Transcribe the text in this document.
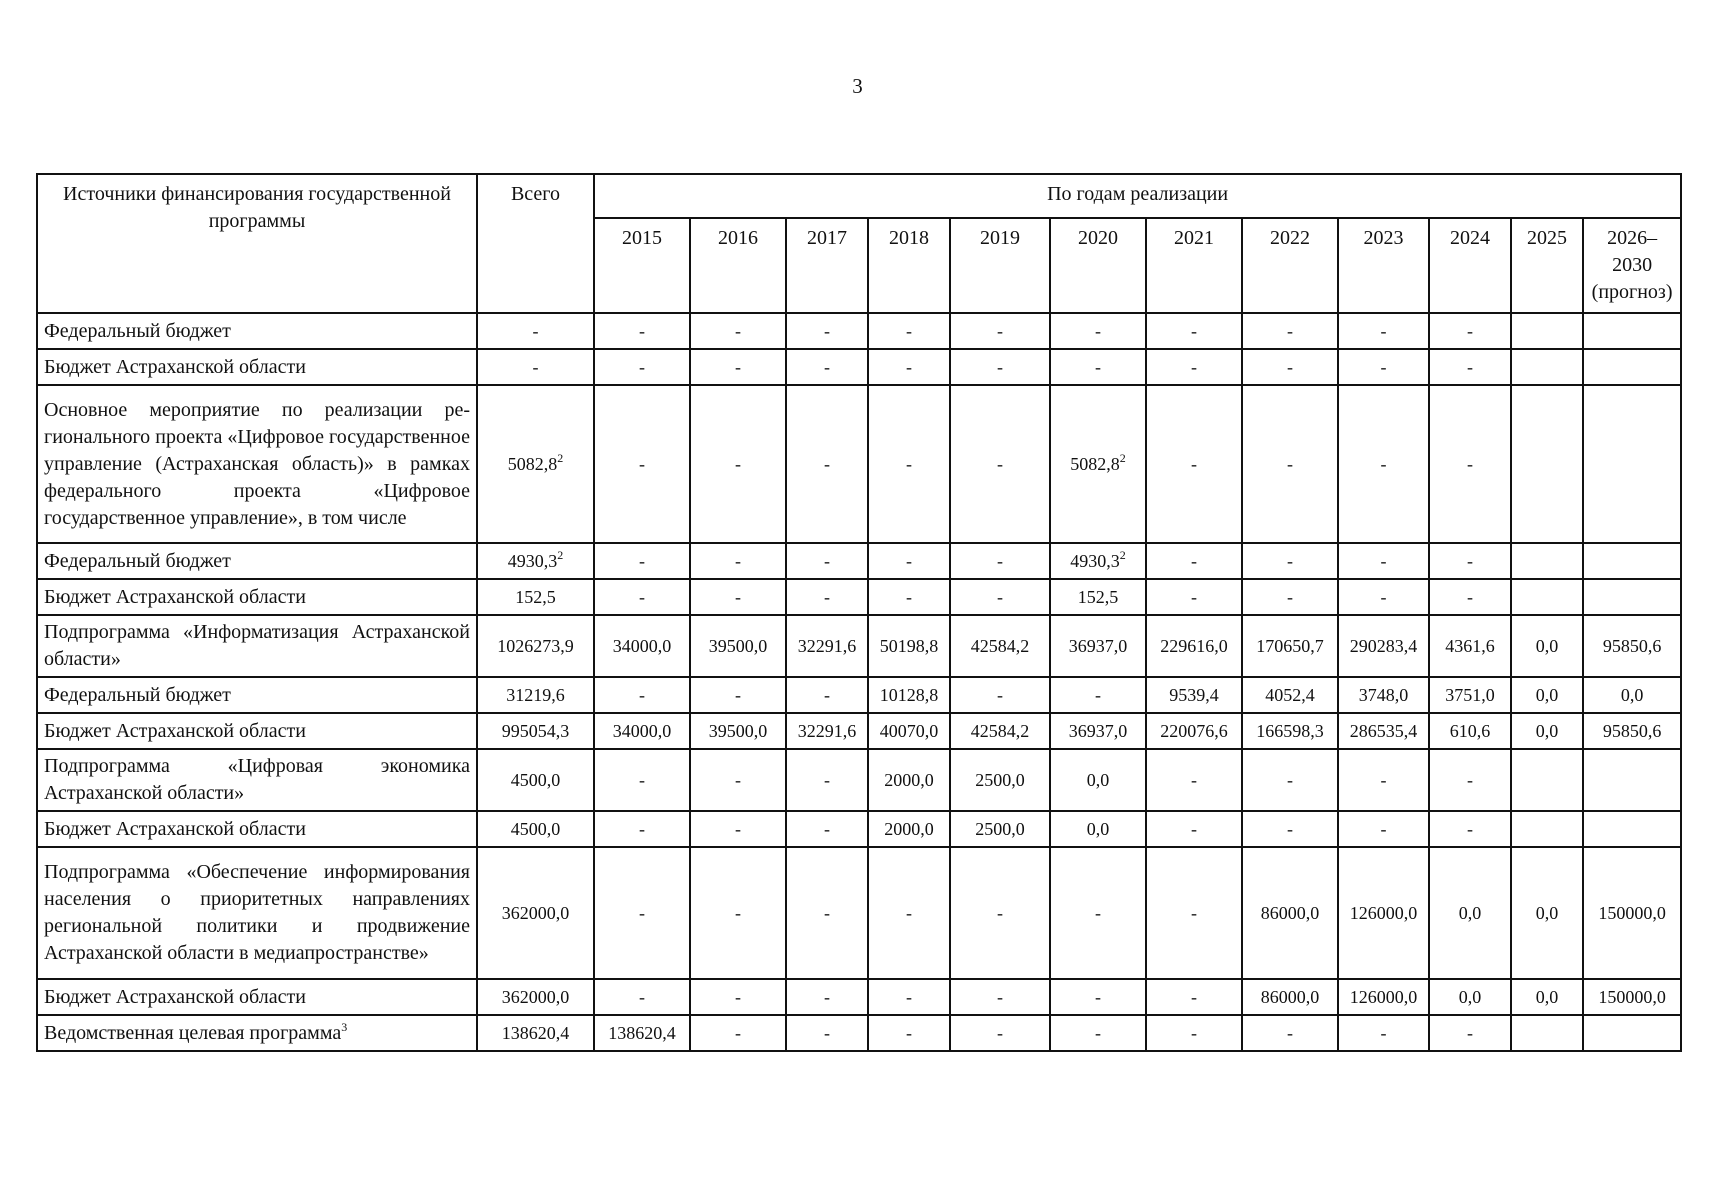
3
Источники финансирования государственной программы	Всего	По годам реализации											
		2015	2016	2017	2018	2019	2020	2021	2022	2023	2024	2025	2026–2030 (прогноз)
Федеральный бюджет	-	-	-	-	-	-	-	-	-	-	-		
Бюджет Астраханской области	-	-	-	-	-	-	-	-	-	-	-		
Основное мероприятие по реализации регионального проекта «Цифровое государственное управление (Астраханская область)» в рамках федерального проекта «Цифровое государственное управление», в том числе	5082,8$^2$	-	-	-	-	-	5082,8$^2$	-	-	-	-		
Федеральный бюджет	4930,3$^2$	-	-	-	-	-	4930,3$^2$	-	-	-	-		
Бюджет Астраханской области	152,5	-	-	-	-	-	152,5	-	-	-	-		
Подпрограмма «Информатизация Астраханской области»	1026273,9	34000,0	39500,0	32291,6	50198,8	42584,2	36937,0	229616,0	170650,7	290283,4	4361,6	0,0	95850,6
Федеральный бюджет	31219,6	-	-	-	10128,8	-	-	9539,4	4052,4	3748,0	3751,0	0,0	0,0
Бюджет Астраханской области	995054,3	34000,0	39500,0	32291,6	40070,0	42584,2	36937,0	220076,6	166598,3	286535,4	610,6	0,0	95850,6
Подпрограмма «Цифровая экономика Астраханской области»	4500,0	-	-	-	2000,0	2500,0	0,0	-	-	-	-		
Бюджет Астраханской области	4500,0	-	-	-	2000,0	2500,0	0,0	-	-	-	-		
Подпрограмма «Обеспечение информирования населения о приоритетных направлениях региональной политики и продвижение Астраханской области в медиапространстве»	362000,0	-	-	-	-	-	-	-	86000,0	126000,0	0,0	0,0	150000,0
Бюджет Астраханской области	362000,0	-	-	-	-	-	-	-	86000,0	126000,0	0,0	0,0	150000,0
Ведомственная целевая программа$^3$	138620,4	138620,4	-	-	-	-	-	-	-	-	-		
